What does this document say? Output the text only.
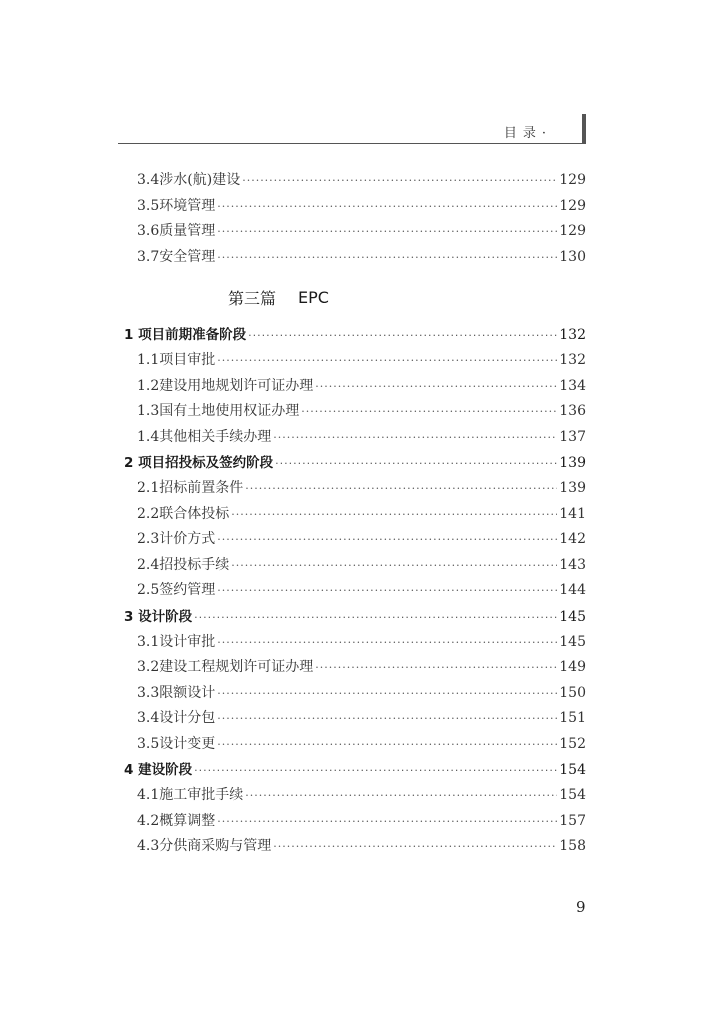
目录·
3.4涉水(航)建设 ·····	129
3.5环境管理 ·····	129
3.6质量管理 ·····	129
3.7安全管理 ·····	130
第三篇 EPC
1 项目前期准备阶段 ·····	132
1.1项目审批 ·····	132
1.2建设用地规划许可证办理 ·····	134
1.3国有土地使用权证办理 ·····	136
1.4其他相关手续办理 ·····	137
2 项目招投标及签约阶段 ·····	139
2.1招标前置条件 ·····	139
2.2联合体投标 ·····	141
2.3计价方式 ·····	142
2.4招投标手续 ·····	143
2.5签约管理 ·····	144
3 设计阶段 ·····	145
3.1设计审批 ·····	145
3.2建设工程规划许可证办理 ·····	149
3.3限额设计 ·····	150
3.4设计分包 ·····	151
3.5设计变更 ·····	152
4 建设阶段 ·····	154
4.1施工审批手续 ·····	154
4.2概算调整 ·····	157
4.3分供商采购与管理 ·····	158
9
